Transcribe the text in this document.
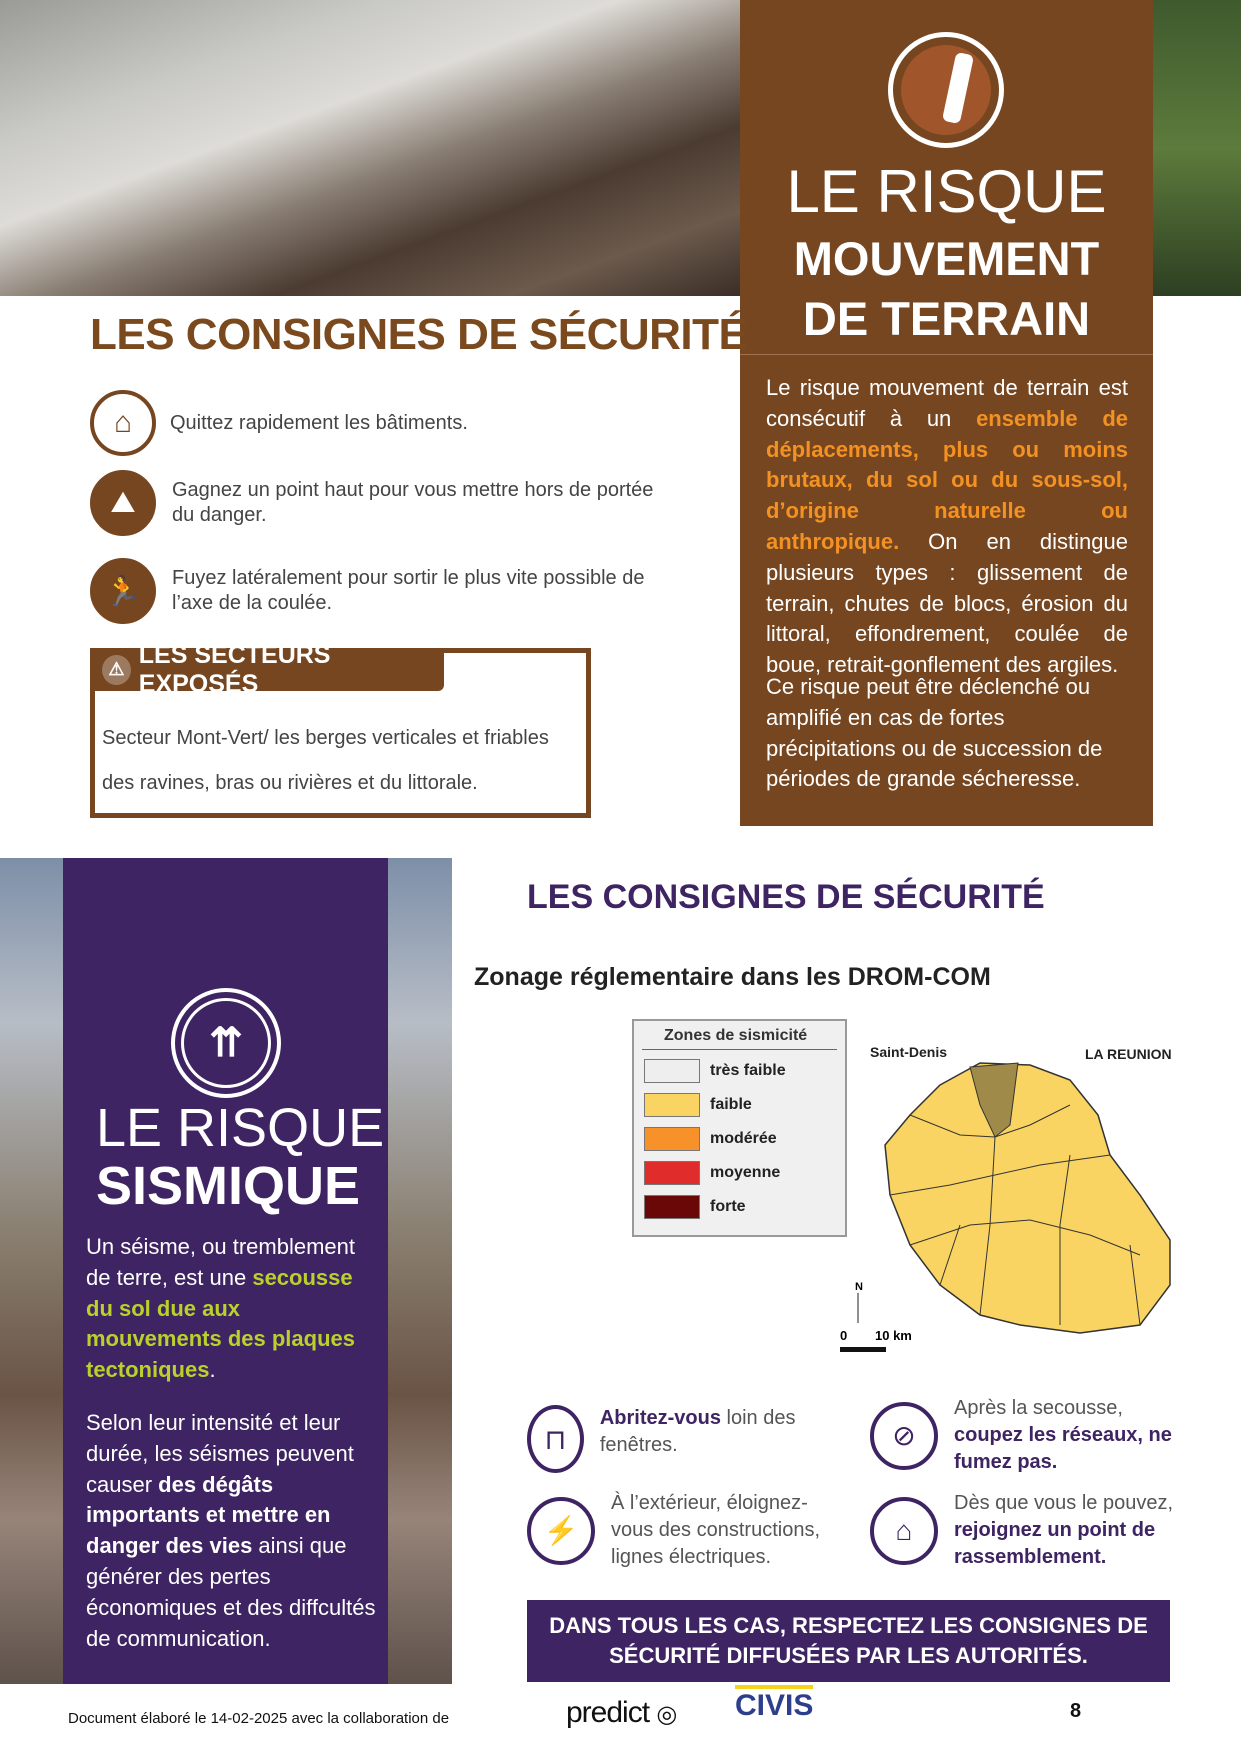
LE RISQUE
MOUVEMENT
DE TERRAIN

Le risque mouvement de terrain est consécutif à un ensemble de déplacements, plus ou moins brutaux, du sol ou du sous-sol, d’origine naturelle ou anthropique. On en distingue plusieurs types : glissement de terrain, chutes de blocs, érosion du littoral, effondrement, coulée de boue, retrait-gonflement des argiles.

Ce risque peut être déclenché ou amplifié en cas de fortes précipitations ou de succession de périodes de grande sécheresse.

LES CONSIGNES DE SÉCURITÉ
⌂	Quittez rapidement les bâtiments.
⛰	Gagnez un point haut pour vous mettre hors de portée du danger.
🏃	Fuyez latéralement pour sortir le plus vite possible de l’axe de la coulée.
⚠
LES SECTEURS EXPOSÉS
Secteur Mont-Vert/ les berges verticales et friables
des ravines, bras ou rivières et du littorale.
⇈
LE RISQUE
SISMIQUE

Un séisme, ou tremblement de terre, est une secousse du sol due aux mouvements des plaques tectoniques.

Selon leur intensité et leur durée, les séismes peuvent causer des dégâts importants et mettre en danger des vies ainsi que générer des pertes économiques et des diffcultés de communication.

LES CONSIGNES DE SÉCURITÉ
Zonage réglementaire dans les DROM-COM
Zones de sismicité
très faible
faible
modérée
moyenne
forte
Saint-Denis	LA REUNION
N
0 10 km
⊓
Abritez-vous loin des fenêtres.	⊘
Après la secousse,
coupez les réseaux, ne fumez pas.
⚡
À l’extérieur, éloignez-vous des constructions, lignes électriques.
⌂
Dès que vous le pouvez,
rejoignez un point de rassemblement.
DANS TOUS LES CAS, RESPECTEZ LES CONSIGNES DE SÉCURITÉ DIFFUSÉES PAR LES AUTORITÉS.
Document élaboré le 14-02-2025 avec la collaboration de	predict ◎ CIVIS	8
